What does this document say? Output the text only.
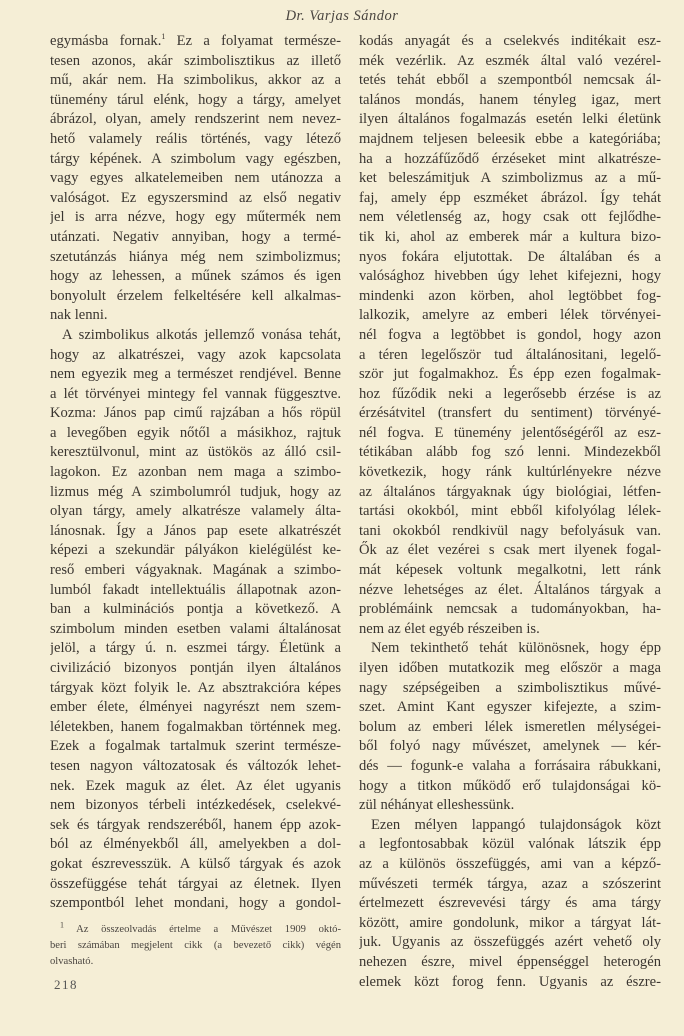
Dr. Varjas Sándor
egymásba fornak.$^1$ Ez a folyamat természe-
tesen azonos, akár szimbolisztikus az illető
mű, akár nem. Ha szimbolikus, akkor az a
tünemény tárul elénk, hogy a tárgy, amelyet
ábrázol, olyan, amely rendszerint nem nevez-
hető valamely reális történés, vagy létező
tárgy képének. A szimbolum vagy egészben,
vagy egyes alkatelemeiben nem utánozza a
valóságot. Ez egyszersmind az első negativ
jel is arra nézve, hogy egy műtermék nem
utánzati. Negativ annyiban, hogy a termé-
szetutánzás hiánya még nem szimbolizmus;
hogy az lehessen, a műnek számos és igen
bonyolult érzelem felkeltésére kell alkalmas-
nak lenni.
A szimbolikus alkotás jellemző vonása tehát,
hogy az alkatrészei, vagy azok kapcsolata
nem egyezik meg a természet rendjével. Benne
a lét törvényei mintegy fel vannak függesztve.
Kozma: János pap cimű rajzában a hős röpül
a levegőben egyik nőtől a másikhoz, rajtuk
keresztülvonul, mint az üstökös az álló csil-
lagokon. Ez azonban nem maga a szimbo-
lizmus még A szimbolumról tudjuk, hogy az
olyan tárgy, amely alkatrésze valamely álta-
lánosnak. Így a János pap esete alkatrészét
képezi a szekundär pályákon kielégülést ke-
reső emberi vágyaknak. Magának a szimbo-
lumból fakadt intellektuális állapotnak azon-
ban a kulminációs pontja a következő. A
szimbolum minden esetben valami általánosat
jelöl, a tárgy ú. n. eszmei tárgy. Életünk a
civilizáció bizonyos pontján ilyen általános
tárgyak közt folyik le. Az absztrakcióra képes
ember élete, élményei nagyrészt nem szem-
léletekben, hanem fogalmakban történnek meg.
Ezek a fogalmak tartalmuk szerint természe-
tesen nagyon változatosak és változók lehet-
nek. Ezek maguk az élet. Az élet ugyanis
nem bizonyos térbeli intézkedések, cselekvé-
sek és tárgyak rendszeréből, hanem épp azok-
ból az élményekből áll, amelyekben a dol-
gokat észrevesszük. A külső tárgyak és azok
összefüggése tehát tárgyai az életnek. Ilyen
szempontból lehet mondani, hogy a gondol-
kodás anyagát és a cselekvés inditékait esz-
mék vezérlik. Az eszmék által való vezérel-
tetés tehát ebből a szempontból nemcsak ál-
talános mondás, hanem tényleg igaz, mert
ilyen általános fogalmazás esetén lelki életünk
majdnem teljesen beleesik ebbe a kategóriába;
ha a hozzáfűződő érzéseket mint alkatrésze-
ket beleszámitjuk A szimbolizmus az a mű-
faj, amely épp eszméket ábrázol. Így tehát
nem véletlenség az, hogy csak ott fejlődhe-
tik ki, ahol az emberek már a kultura bizo-
nyos fokára eljutottak. De általában és a
valósághoz hivebben úgy lehet kifejezni, hogy
mindenki azon körben, ahol legtöbbet fog-
lalkozik, amelyre az emberi lélek törvényei-
nél fogva a legtöbbet is gondol, hogy azon
a téren legelőször tud általánositani, legelő-
ször jut fogalmakhoz. És épp ezen fogalmak-
hoz fűződik neki a legerősebb érzése is az
érzésátvitel (transfert du sentiment) törvényé-
nél fogva. E tünemény jelentőségéről az esz-
tétikában alább fog szó lenni. Mindezekből
következik, hogy ránk kultúrlényekre nézve
az általános tárgyaknak úgy biológiai, létfen-
tartási okokból, mint ebből kifolyólag lélek-
tani okokból rendkivül nagy befolyásuk van.
Ők az élet vezérei s csak mert ilyenek fogal-
mát képesek voltunk megalkotni, lett ránk
nézve lehetséges az élet. Általános tárgyak a
problémáink nemcsak a tudományokban, ha-
nem az élet egyéb részeiben is.
Nem tekinthető tehát különösnek, hogy épp
ilyen időben mutatkozik meg először a maga
nagy szépségeiben a szimbolisztikus művé-
szet. Amint Kant egyszer kifejezte, a szim-
bolum az emberi lélek ismeretlen mélységei-
ből folyó nagy művészet, amelynek — kér-
dés — fogunk-e valaha a forrásaira rábukkani,
hogy a titkon működő erő tulajdonságai kö-
zül néhányat elleshessünk.
Ezen mélyen lappangó tulajdonságok közt
a legfontosabbak közül valónak látszik épp
az a különös összefüggés, ami van a képző-
művészeti termék tárgya, azaz a szószerint
értelmezett észrevevési tárgy és ama tárgy
között, amire gondolunk, mikor a tárgyat lát-
juk. Ugyanis az összefüggés azért vehető oly
nehezen észre, mivel éppenséggel heterogén
elemek közt forog fenn. Ugyanis az észre-
$^1$ Az összeolvadás értelme a Művészet 1909 októ-
beri számában megjelent cikk (a bevezető cikk) végén
olvasható.
218
